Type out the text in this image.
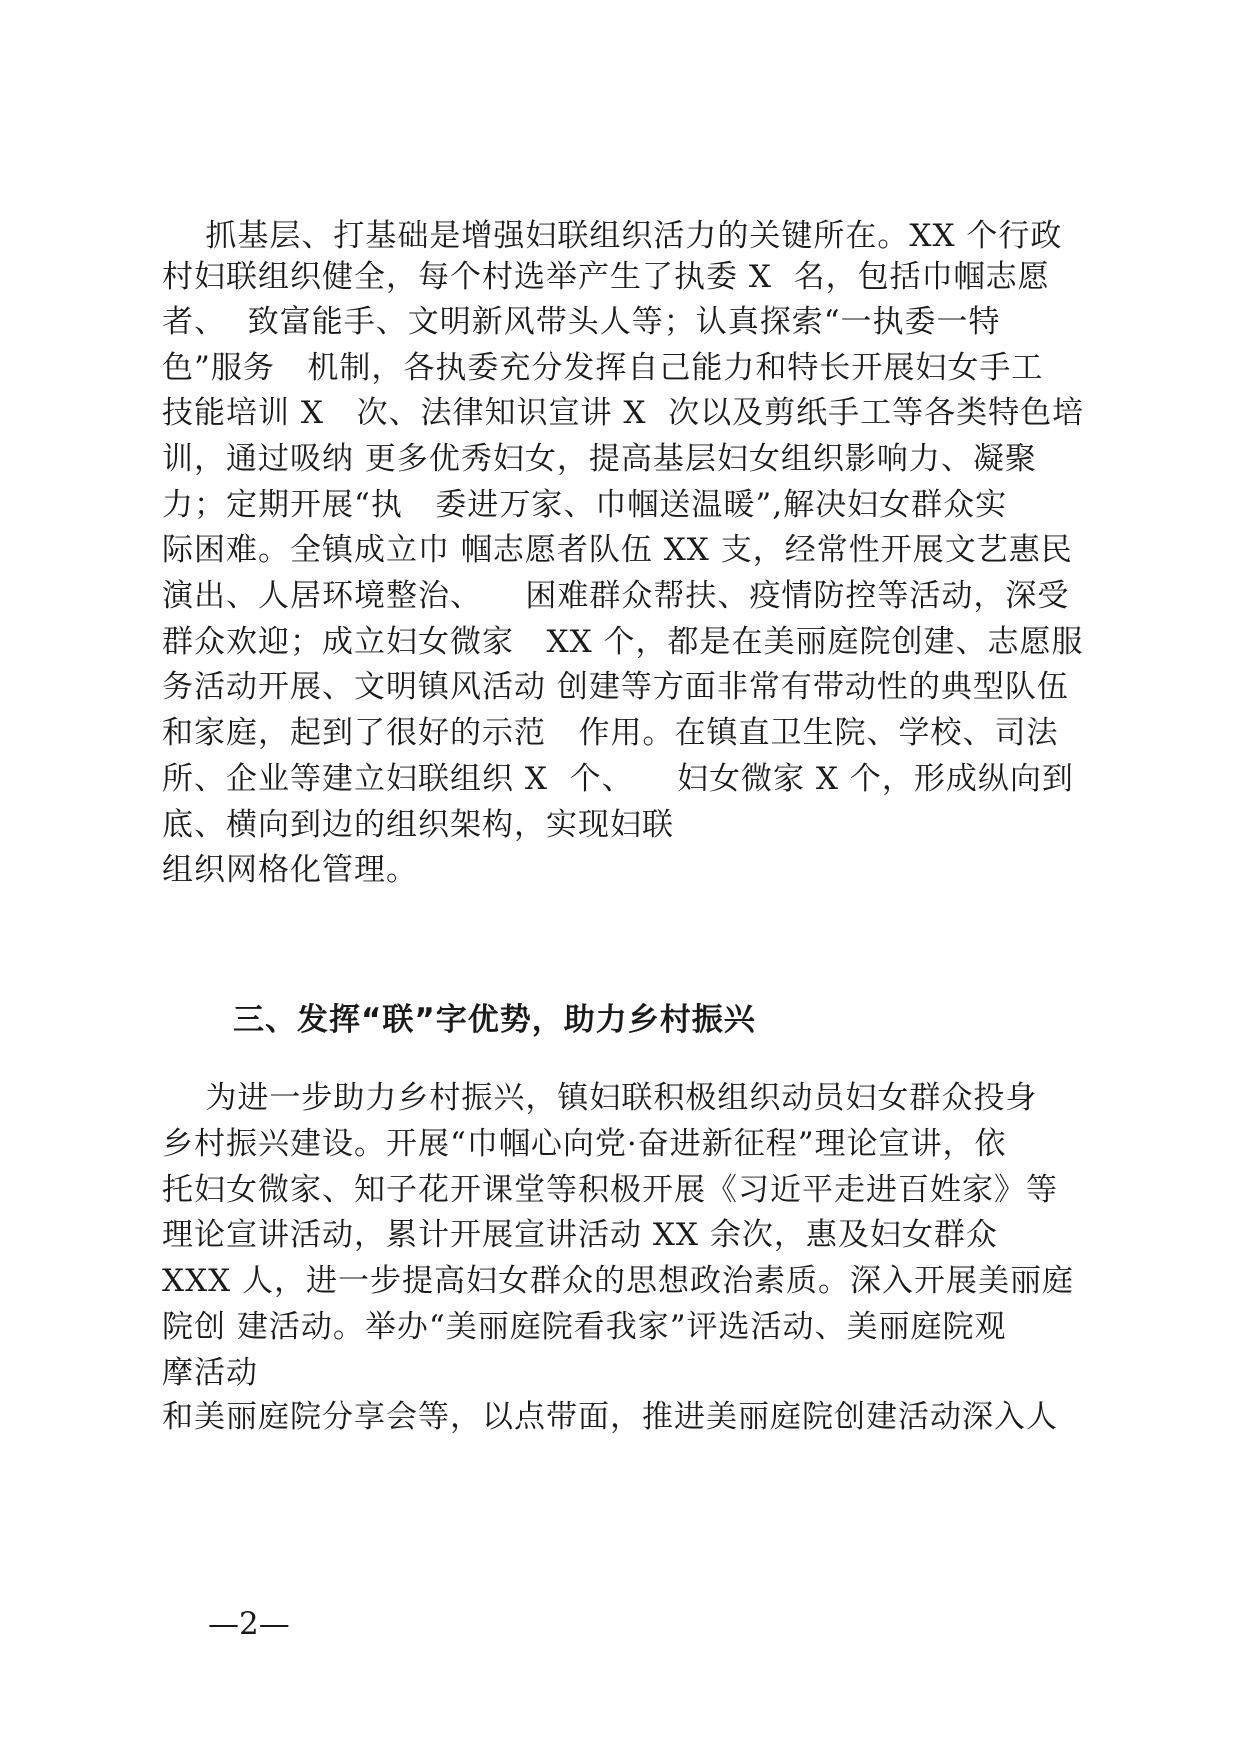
抓基层、打基础是增强妇联组织活力的关键所在。XX 个行政
村妇联组织健全，每个村选举产生了执委 X  名，包括巾帼志愿
者、  致富能手、文明新风带头人等；认真探索“一执委一特
色”服务   机制，各执委充分发挥自己能力和特长开展妇女手工
技能培训 X   次、法律知识宣讲 X  次以及剪纸手工等各类特色培
训，通过吸纳 更多优秀妇女，提高基层妇女组织影响力、凝聚
力；定期开展“执   委进万家、巾帼送温暖”,解决妇女群众实
际困难。全镇成立巾 帼志愿者队伍 XX 支，经常性开展文艺惠民
演出、人居环境整治、    困难群众帮扶、疫情防控等活动，深受
群众欢迎；成立妇女微家   XX 个，都是在美丽庭院创建、志愿服
务活动开展、文明镇风活动 创建等方面非常有带动性的典型队伍
和家庭，起到了很好的示范   作用。在镇直卫生院、学校、司法
所、企业等建立妇联组织 X  个、    妇女微家 X 个，形成纵向到
底、横向到边的组织架构，实现妇联
组织网格化管理。
三、发挥“联”字优势，助力乡村振兴
为进一步助力乡村振兴，镇妇联积极组织动员妇女群众投身
乡村振兴建设。开展“巾帼心向党·奋进新征程”理论宣讲，依
托妇女微家、知子花开课堂等积极开展《习近平走进百姓家》等
理论宣讲活动，累计开展宣讲活动 XX 余次，惠及妇女群众
XXX 人，进一步提高妇女群众的思想政治素质。深入开展美丽庭
院创 建活动。举办“美丽庭院看我家”评选活动、美丽庭院观
摩活动
和美丽庭院分享会等，以点带面，推进美丽庭院创建活动深入人
—2—
